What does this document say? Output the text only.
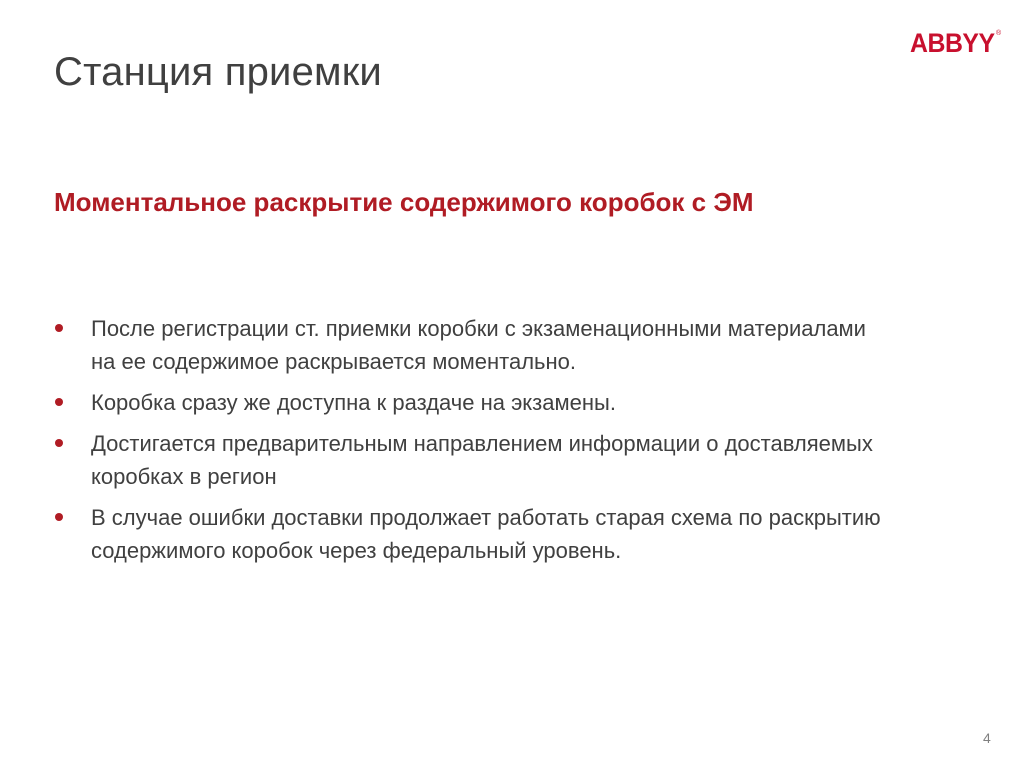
Станция приемки
ABBYY ®
Моментальное раскрытие содержимого коробок с ЭМ
После регистрации ст. приемки коробки с экзаменационными материалами на ее содержимое раскрывается моментально.
Коробка сразу же доступна к раздаче на экзамены.
Достигается предварительным направлением информации о доставляемых коробках в регион
В случае ошибки доставки продолжает работать старая схема по раскрытию содержимого коробок через федеральный уровень.
4
